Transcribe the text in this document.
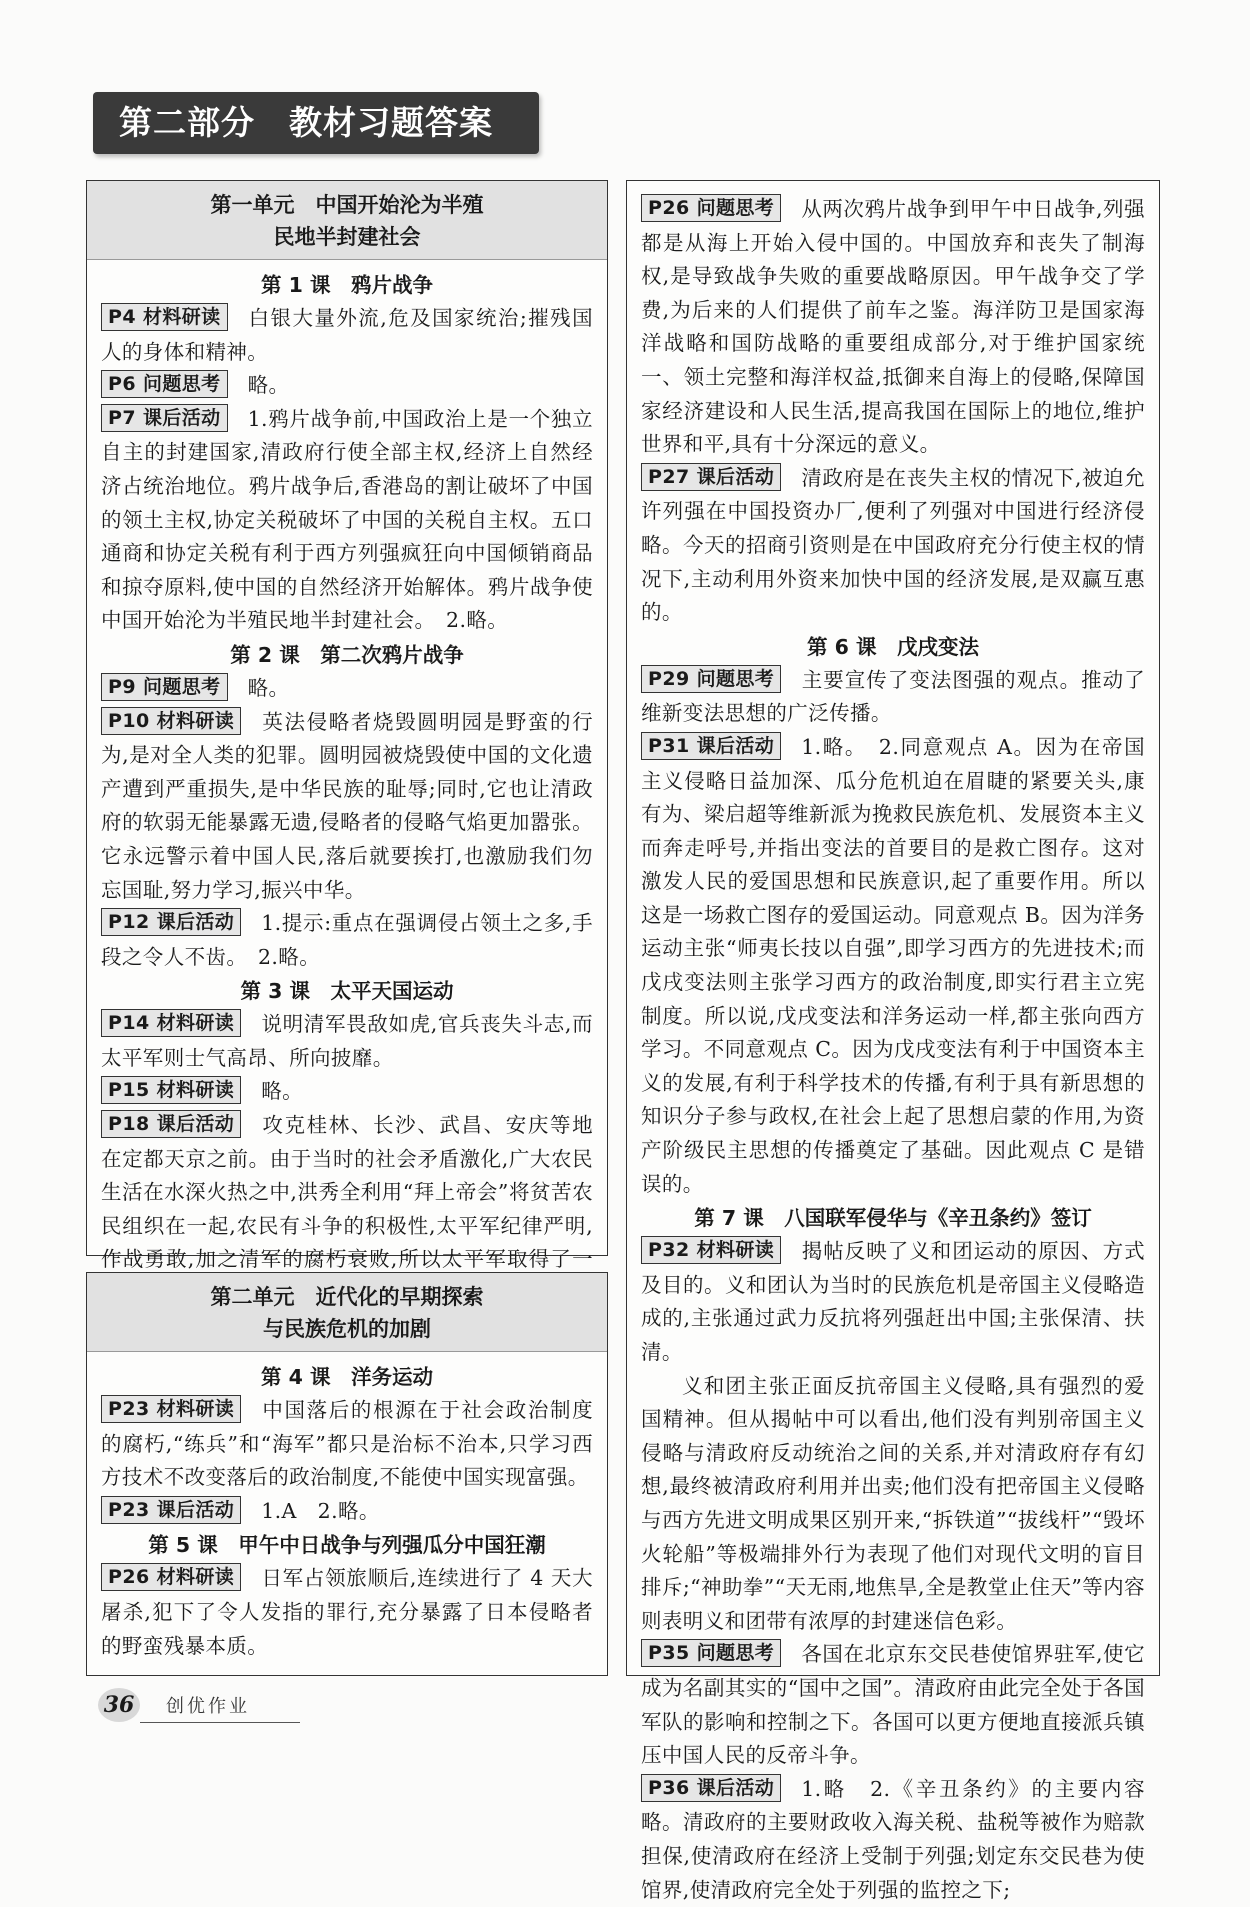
第二部分　教材习题答案
第一单元　中国开始沦为半殖
民地半封建社会
第 1 课　鸦片战争

P4 材料研读 白银大量外流,危及国家统治;摧残国人的身体和精神。

P6 问题思考 略。

P7 课后活动 1.鸦片战争前,中国政治上是一个独立自主的封建国家,清政府行使全部主权,经济上自然经济占统治地位。鸦片战争后,香港岛的割让破坏了中国的领土主权,协定关税破坏了中国的关税自主权。五口通商和协定关税有利于西方列强疯狂向中国倾销商品和掠夺原料,使中国的自然经济开始解体。鸦片战争使中国开始沦为半殖民地半封建社会。　2.略。

第 2 课　第二次鸦片战争

P9 问题思考 略。

P10 材料研读 英法侵略者烧毁圆明园是野蛮的行为,是对全人类的犯罪。圆明园被烧毁使中国的文化遗产遭到严重损失,是中华民族的耻辱;同时,它也让清政府的软弱无能暴露无遗,侵略者的侵略气焰更加嚣张。它永远警示着中国人民,落后就要挨打,也激励我们勿忘国耻,努力学习,振兴中华。

P12 课后活动 1.提示:重点在强调侵占领土之多,手段之令人不齿。　2.略。

第 3 课　太平天国运动

P14 材料研读 说明清军畏敌如虎,官兵丧失斗志,而太平军则士气高昂、所向披靡。

P15 材料研读 略。

P18 课后活动 攻克桂林、长沙、武昌、安庆等地在定都天京之前。由于当时的社会矛盾激化,广大农民生活在水深火热之中,洪秀全利用“拜上帝会”将贫苦农民组织在一起,农民有斗争的积极性,太平军纪律严明,作战勇敢,加之清军的腐朽衰败,所以太平军取得了一

第二单元　近代化的早期探索
与民族危机的加剧
第 4 课　洋务运动

P23 材料研读 中国落后的根源在于社会政治制度的腐朽,“练兵”和“海军”都只是治标不治本,只学习西方技术不改变落后的政治制度,不能使中国实现富强。

P23 课后活动 1.A　2.略。

第 5 课　甲午中日战争与列强瓜分中国狂潮

P26 材料研读 日军占领旅顺后,连续进行了 4 天大屠杀,犯下了令人发指的罪行,充分暴露了日本侵略者的野蛮残暴本质。

P26 问题思考 从两次鸦片战争到甲午中日战争,列强都是从海上开始入侵中国的。中国放弃和丧失了制海权,是导致战争失败的重要战略原因。甲午战争交了学费,为后来的人们提供了前车之鉴。海洋防卫是国家海洋战略和国防战略的重要组成部分,对于维护国家统一、领土完整和海洋权益,抵御来自海上的侵略,保障国家经济建设和人民生活,提高我国在国际上的地位,维护世界和平,具有十分深远的意义。

P27 课后活动 清政府是在丧失主权的情况下,被迫允许列强在中国投资办厂,便利了列强对中国进行经济侵略。今天的招商引资则是在中国政府充分行使主权的情况下,主动利用外资来加快中国的经济发展,是双赢互惠的。

第 6 课　戊戌变法

P29 问题思考 主要宣传了变法图强的观点。推动了维新变法思想的广泛传播。

P31 课后活动 1.略。　2.同意观点 A。因为在帝国主义侵略日益加深、瓜分危机迫在眉睫的紧要关头,康有为、梁启超等维新派为挽救民族危机、发展资本主义而奔走呼号,并指出变法的首要目的是救亡图存。这对激发人民的爱国思想和民族意识,起了重要作用。所以这是一场救亡图存的爱国运动。同意观点 B。因为洋务运动主张“师夷长技以自强”,即学习西方的先进技术;而戊戌变法则主张学习西方的政治制度,即实行君主立宪制度。所以说,戊戌变法和洋务运动一样,都主张向西方学习。不同意观点 C。因为戊戌变法有利于中国资本主义的发展,有利于科学技术的传播,有利于具有新思想的知识分子参与政权,在社会上起了思想启蒙的作用,为资产阶级民主思想的传播奠定了基础。因此观点 C 是错误的。

第 7 课　八国联军侵华与《辛丑条约》签订

P32 材料研读 揭帖反映了义和团运动的原因、方式及目的。义和团认为当时的民族危机是帝国主义侵略造成的,主张通过武力反抗将列强赶出中国;主张保清、扶清。

义和团主张正面反抗帝国主义侵略,具有强烈的爱国精神。但从揭帖中可以看出,他们没有判别帝国主义侵略与清政府反动统治之间的关系,并对清政府存有幻想,最终被清政府利用并出卖;他们没有把帝国主义侵略与西方先进文明成果区别开来,“拆铁道”“拔线杆”“毁坏火轮船”等极端排外行为表现了他们对现代文明的盲目排斥;“神助拳”“天无雨,地焦旱,全是教堂止住天”等内容则表明义和团带有浓厚的封建迷信色彩。

P35 问题思考 各国在北京东交民巷使馆界驻军,使它成为名副其实的“国中之国”。清政府由此完全处于各国军队的影响和控制之下。各国可以更方便地直接派兵镇压中国人民的反帝斗争。

P36 课后活动 1.略　2.《辛丑条约》的主要内容略。清政府的主要财政收入海关税、盐税等被作为赔款担保,使清政府在经济上受制于列强;划定东交民巷为使馆界,使清政府完全处于列强的监控之下;

36	创优作业
